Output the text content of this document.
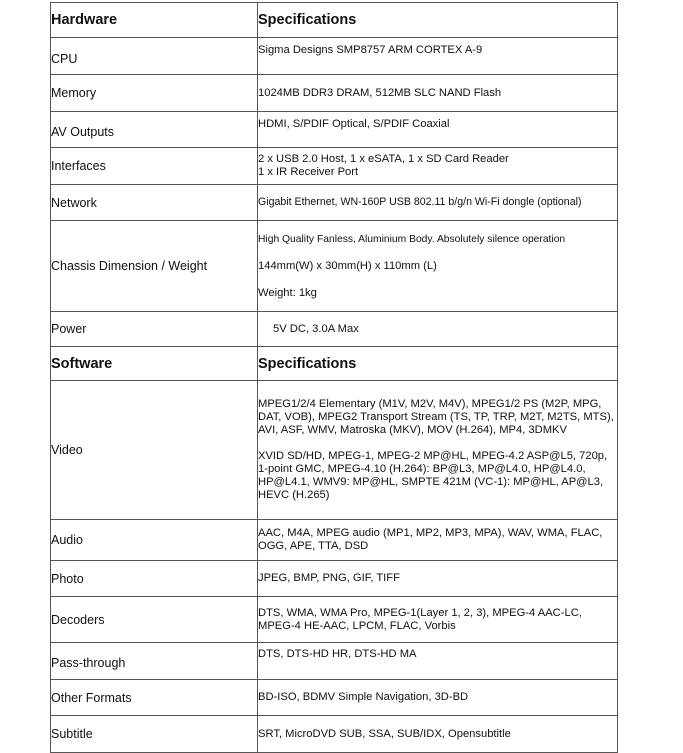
Hardware	Specifications
CPU	Sigma Designs SMP8757 ARM CORTEX A-9

Memory	1024MB DDR3 DRAM, 512MB SLC NAND Flash

AV Outputs	HDMI, S/PDIF Optical, S/PDIF Coaxial

Interfaces	2 x USB 2.0 Host, 1 x eSATA, 1 x SD Card Reader
1 x IR Receiver Port

Network	Gigabit Ethernet, WN-160P USB 802.11 b/g/n Wi-Fi dongle (optional)

Chassis Dimension / Weight	High Quality Fanless, Aluminium Body. Absolutely silence operation
144mm(W) x 30mm(H) x 110mm (L)
Weight: 1kg

Power	5V DC, 3.0A Max

Software	Specifications
Video	MPEG1/2/4 Elementary (M1V, M2V, M4V), MPEG1/2 PS (M2P, MPG, DAT, VOB), MPEG2 Transport Stream (TS, TP, TRP, M2T, M2TS, MTS), AVI, ASF, WMV, Matroska (MKV), MOV (H.264), MP4, 3DMKV
XVID SD/HD, MPEG-1, MPEG-2 MP@HL, MPEG-4.2 ASP@L5, 720p, 1-point GMC, MPEG-4.10 (H.264): BP@L3, MP@L4.0, HP@L4.0, HP@L4.1, WMV9: MP@HL, SMPTE 421M (VC-1): MP@HL, AP@L3, HEVC (H.265)

Audio	AAC, M4A, MPEG audio (MP1, MP2, MP3, MPA), WAV, WMA, FLAC, OGG, APE, TTA, DSD

Photo	JPEG, BMP, PNG, GIF, TIFF

Decoders	DTS, WMA, WMA Pro, MPEG-1(Layer 1, 2, 3), MPEG-4 AAC-LC, MPEG-4 HE-AAC, LPCM, FLAC, Vorbis

Pass-through	DTS, DTS-HD HR, DTS-HD MA

Other Formats	BD-ISO, BDMV Simple Navigation, 3D-BD

Subtitle	SRT, MicroDVD SUB, SSA, SUB/IDX, Opensubtitle
